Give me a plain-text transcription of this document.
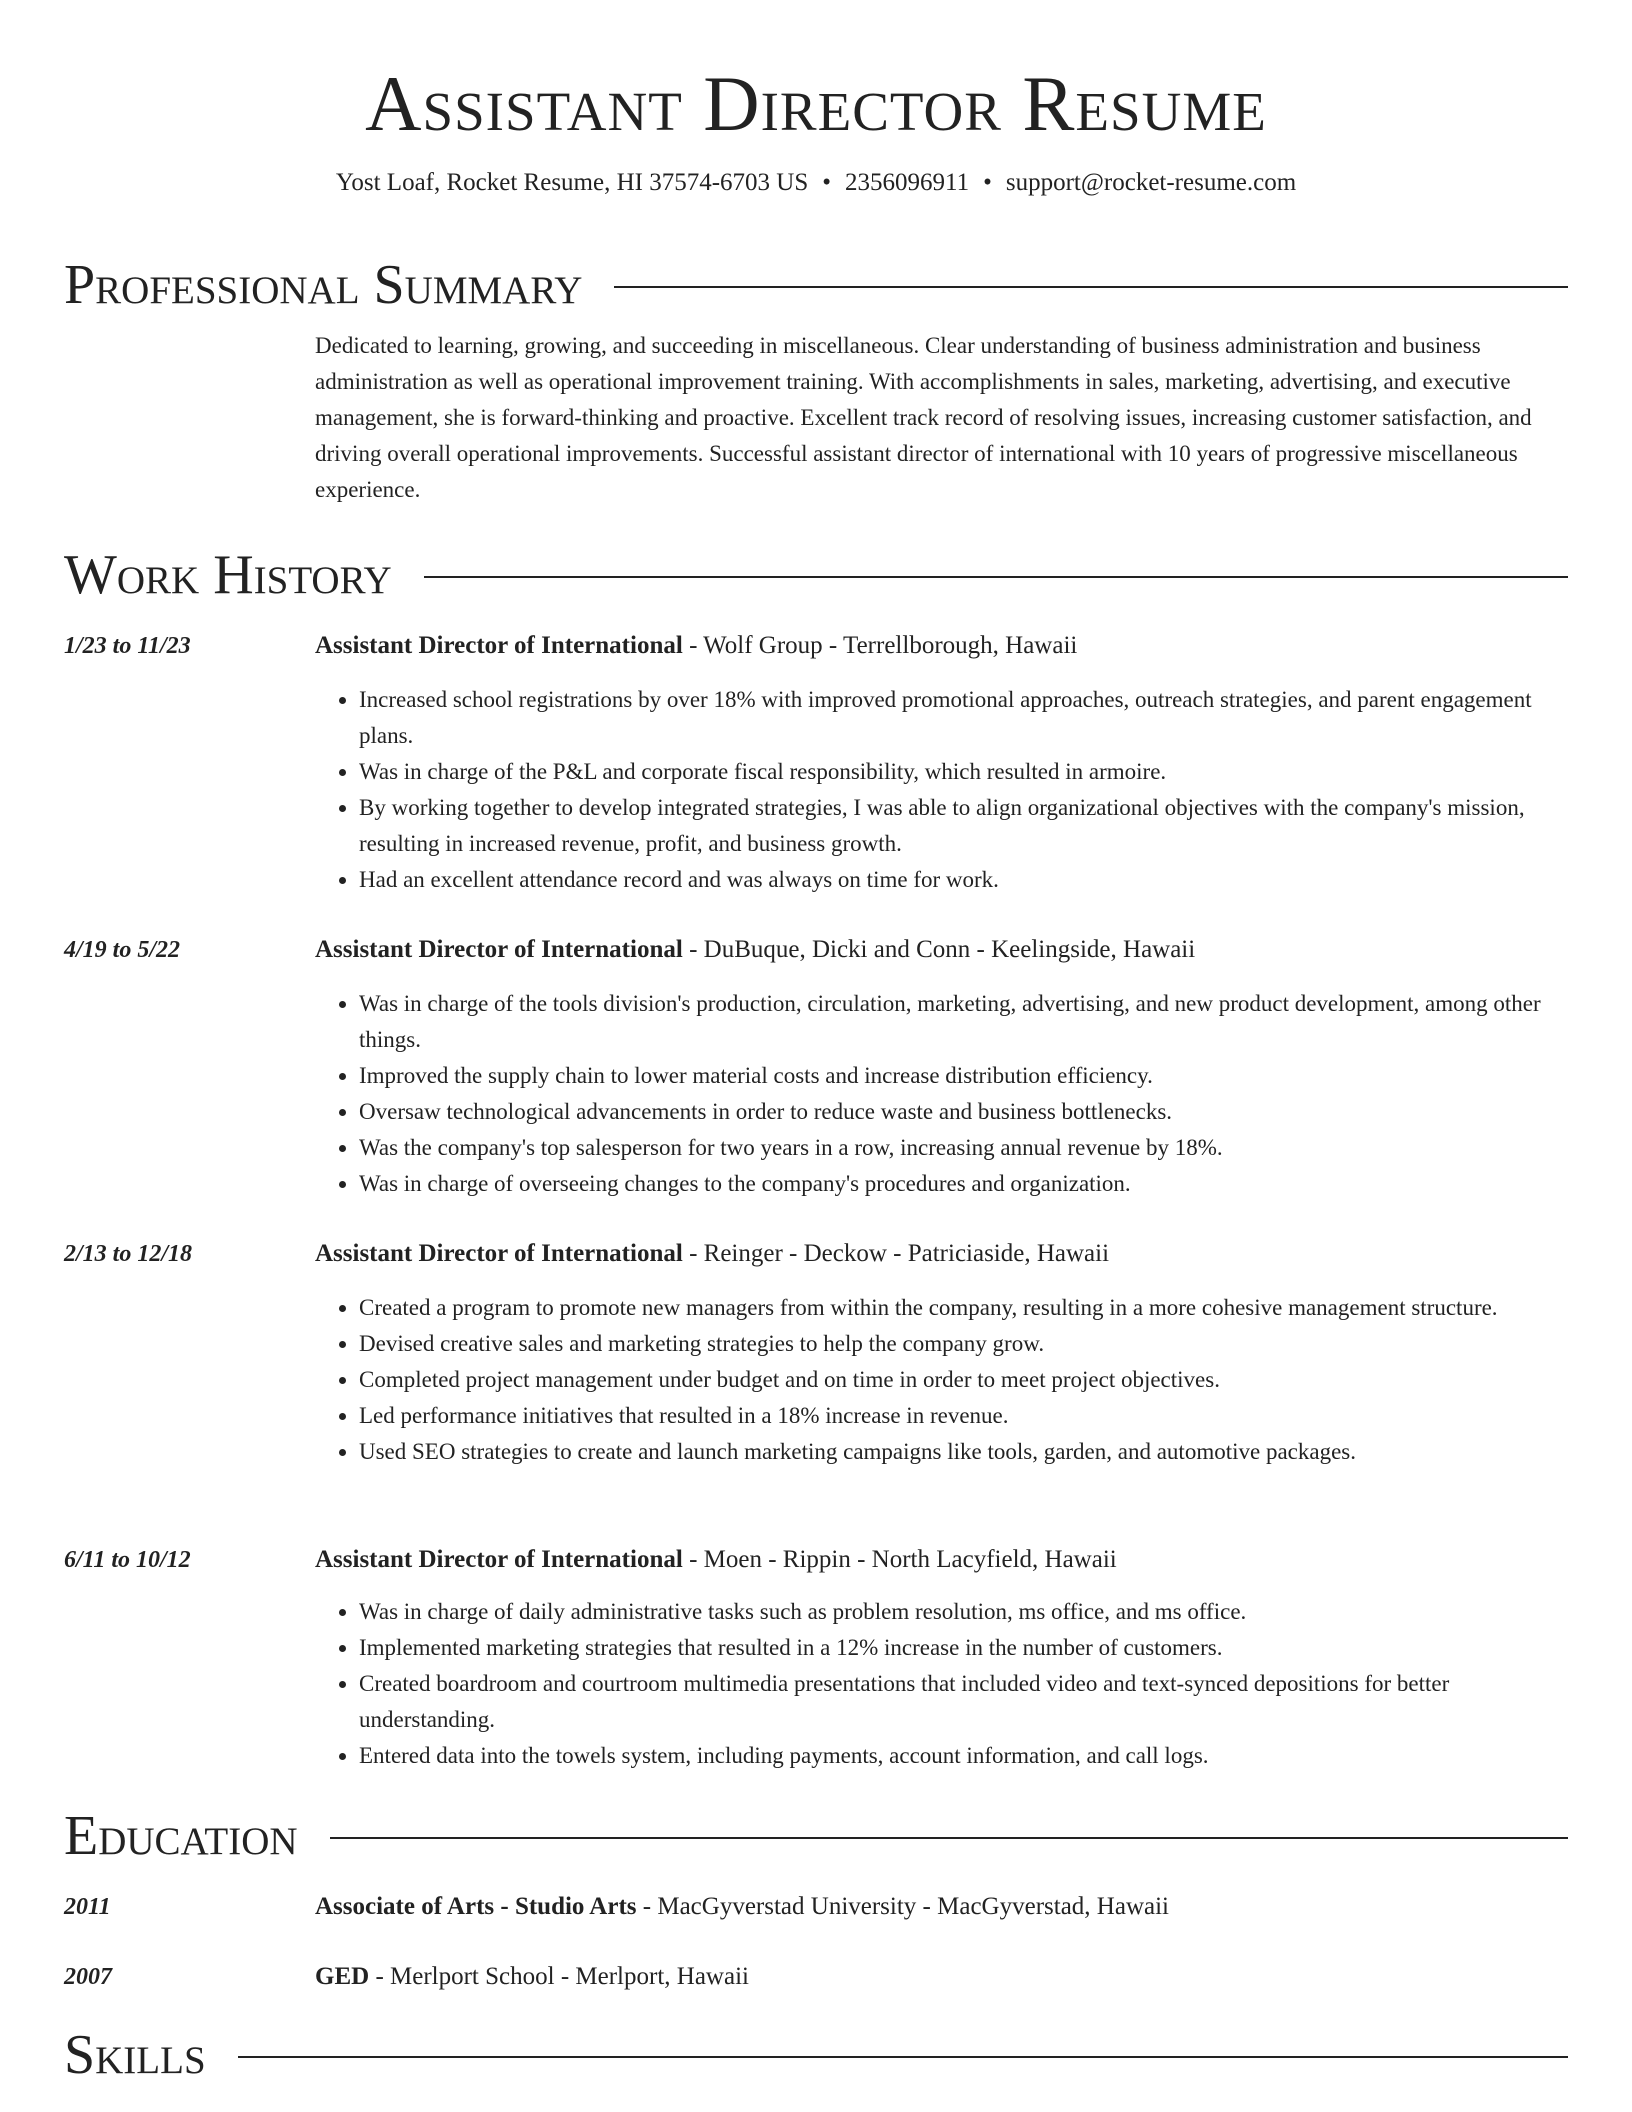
Assistant Director Resume
Yost Loaf, Rocket Resume, HI 37574-6703 US • 2356096911 • support@rocket-resume.com
Professional Summary

Dedicated to learning, growing, and succeeding in miscellaneous. Clear understanding of business administration and business administration as well as operational improvement training. With accomplishments in sales, marketing, advertising, and executive management, she is forward-thinking and proactive. Excellent track record of resolving issues, increasing customer satisfaction, and driving overall operational improvements. Successful assistant director of international with 10 years of progressive miscellaneous experience.

Work History
1/23 to 11/23	Assistant Director of International - Wolf Group - Terrellborough, Hawaii
• Increased school registrations by over 18% with improved promotional approaches, outreach strategies, and parent engagement plans.
• Was in charge of the P&L and corporate fiscal responsibility, which resulted in armoire.
• By working together to develop integrated strategies, I was able to align organizational objectives with the company's mission, resulting in increased revenue, profit, and business growth.
• Had an excellent attendance record and was always on time for work.
4/19 to 5/22	Assistant Director of International - DuBuque, Dicki and Conn - Keelingside, Hawaii
• Was in charge of the tools division's production, circulation, marketing, advertising, and new product development, among other things.
• Improved the supply chain to lower material costs and increase distribution efficiency.
• Oversaw technological advancements in order to reduce waste and business bottlenecks.
• Was the company's top salesperson for two years in a row, increasing annual revenue by 18%.
• Was in charge of overseeing changes to the company's procedures and organization.
2/13 to 12/18	Assistant Director of International - Reinger - Deckow - Patriciaside, Hawaii
• Created a program to promote new managers from within the company, resulting in a more cohesive management structure.
• Devised creative sales and marketing strategies to help the company grow.
• Completed project management under budget and on time in order to meet project objectives.
• Led performance initiatives that resulted in a 18% increase in revenue.
• Used SEO strategies to create and launch marketing campaigns like tools, garden, and automotive packages.
6/11 to 10/12	Assistant Director of International - Moen - Rippin - North Lacyfield, Hawaii
• Was in charge of daily administrative tasks such as problem resolution, ms office, and ms office.
• Implemented marketing strategies that resulted in a 12% increase in the number of customers.
• Created boardroom and courtroom multimedia presentations that included video and text-synced depositions for better understanding.
• Entered data into the towels system, including payments, account information, and call logs.
Education
2011	Associate of Arts - Studio Arts - MacGyverstad University - MacGyverstad, Hawaii
2007	GED - Merlport School - Merlport, Hawaii
Skills
